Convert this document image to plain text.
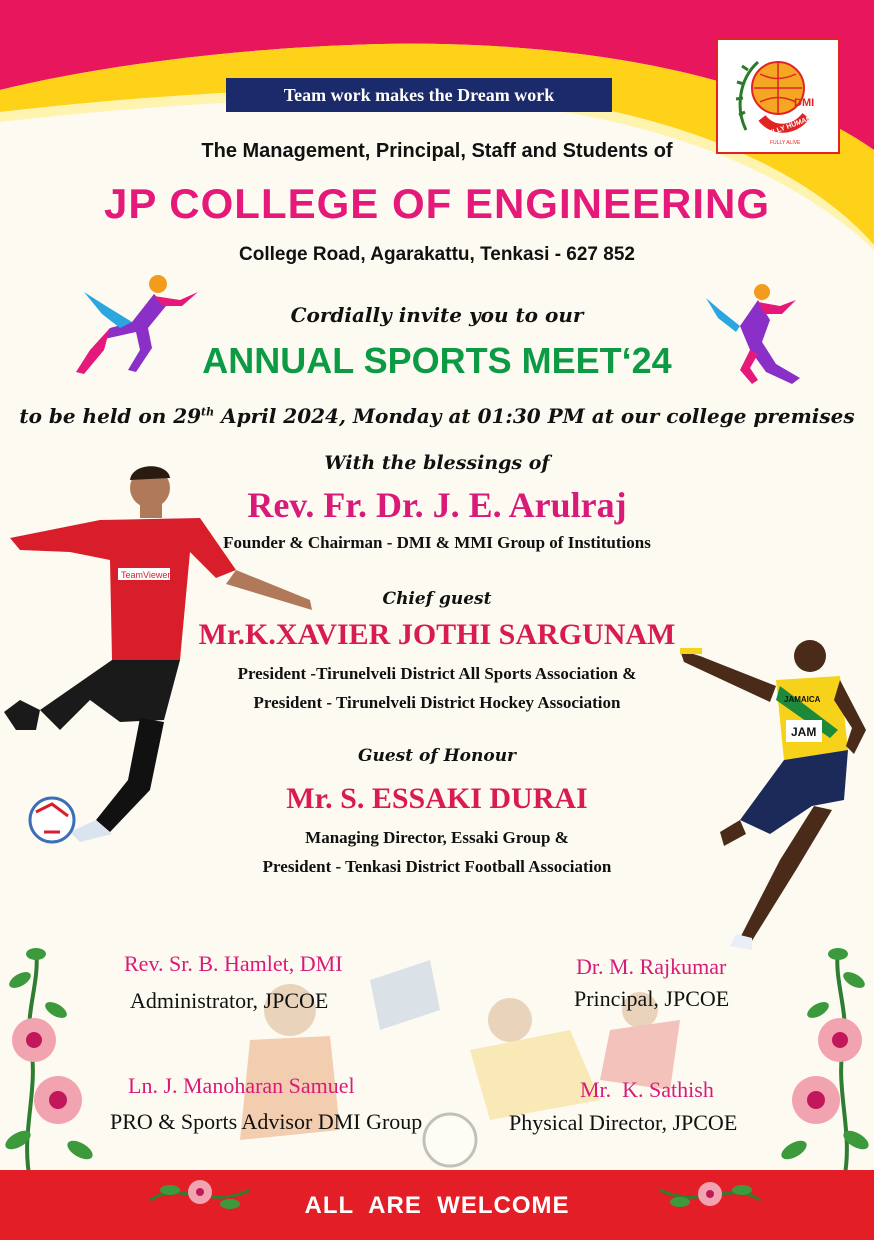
Team work makes the Dream work	DMI
FULLY HUMAN
FULLY ALIVE
The Management, Principal, Staff and Students of
JP COLLEGE OF ENGINEERING
College Road, Agarakattu, Tenkasi - 627 852
Cordially invite you to our
ANNUAL SPORTS MEET‘24
to be held on 29th April 2024, Monday at 01:30 PM at our college premises
TeamViewer
JAM
JAMAICA
With the blessings of
Rev. Fr. Dr. J. E. Arulraj
Founder & Chairman - DMI & MMI Group of Institutions
Chief guest
Mr.K.XAVIER JOTHI SARGUNAM
President -Tirunelveli District All Sports Association &
President - Tirunelveli District Hockey Association
Guest of Honour
Mr. S. ESSAKI DURAI
Managing Director, Essaki Group &
President - Tenkasi District Football Association
Rev. Sr. B. Hamlet, DMI
Administrator, JPCOE
Dr. M. Rajkumar
Principal, JPCOE
Ln. J. Manoharan Samuel
PRO & Sports Advisor DMI Group
Mr.  K. Sathish
Physical Director, JPCOE
ALL  ARE  WELCOME
